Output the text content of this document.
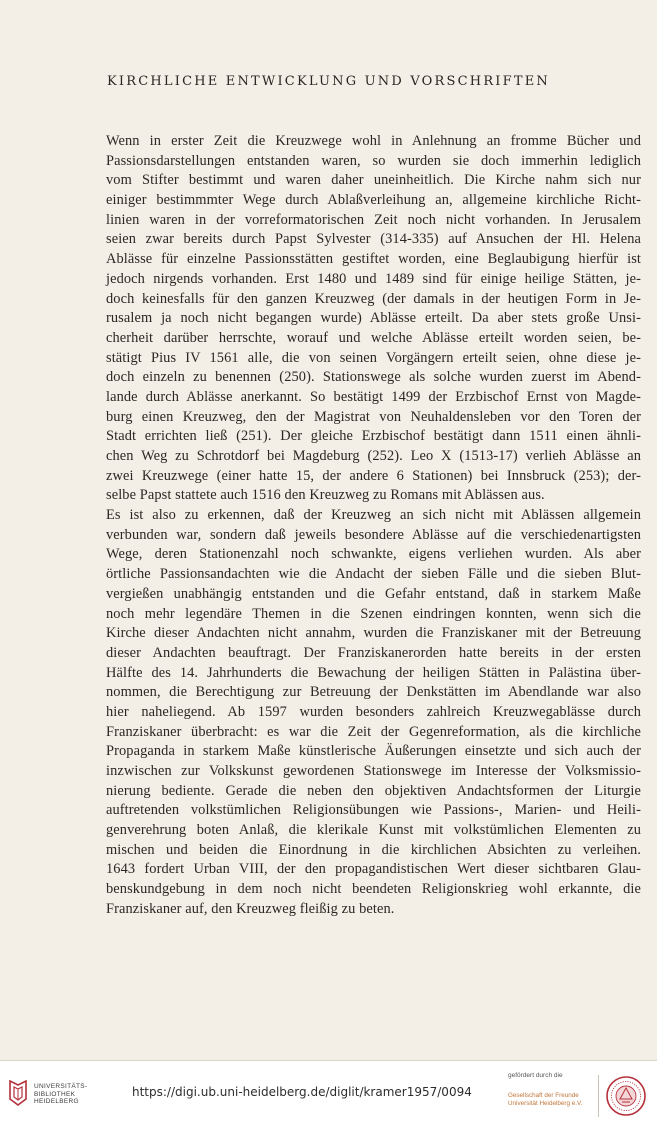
KIRCHLICHE ENTWICKLUNG UND VORSCHRIFTEN
Wenn in erster Zeit die Kreuzwege wohl in Anlehnung an fromme Bücher und
Passionsdarstellungen entstanden waren, so wurden sie doch immerhin lediglich
vom Stifter bestimmt und waren daher uneinheitlich. Die Kirche nahm sich nur
einiger bestimmmter Wege durch Ablaßverleihung an, allgemeine kirchliche Richt-
linien waren in der vorreformatorischen Zeit noch nicht vorhanden. In Jerusalem
seien zwar bereits durch Papst Sylvester (314-335) auf Ansuchen der Hl. Helena
Ablässe für einzelne Passionsstätten gestiftet worden, eine Beglaubigung hierfür ist
jedoch nirgends vorhanden. Erst 1480 und 1489 sind für einige heilige Stätten, je-
doch keinesfalls für den ganzen Kreuzweg (der damals in der heutigen Form in Je-
rusalem ja noch nicht begangen wurde) Ablässe erteilt. Da aber stets große Unsi-
cherheit darüber herrschte, worauf und welche Ablässe erteilt worden seien, be-
stätigt Pius IV 1561 alle, die von seinen Vorgängern erteilt seien, ohne diese je-
doch einzeln zu benennen (250). Stationswege als solche wurden zuerst im Abend-
lande durch Ablässe anerkannt. So bestätigt 1499 der Erzbischof Ernst von Magde-
burg einen Kreuzweg, den der Magistrat von Neuhaldensleben vor den Toren der
Stadt errichten ließ (251). Der gleiche Erzbischof bestätigt dann 1511 einen ähnli-
chen Weg zu Schrotdorf bei Magdeburg (252). Leo X (1513-17) verlieh Ablässe an
zwei Kreuzwege (einer hatte 15, der andere 6 Stationen) bei Innsbruck (253); der-
selbe Papst stattete auch 1516 den Kreuzweg zu Romans mit Ablässen aus.
Es ist also zu erkennen, daß der Kreuzweg an sich nicht mit Ablässen allgemein
verbunden war, sondern daß jeweils besondere Ablässe auf die verschiedenartigsten
Wege, deren Stationenzahl noch schwankte, eigens verliehen wurden. Als aber
örtliche Passionsandachten wie die Andacht der sieben Fälle und die sieben Blut-
vergießen unabhängig entstanden und die Gefahr entstand, daß in starkem Maße
noch mehr legendäre Themen in die Szenen eindringen konnten, wenn sich die
Kirche dieser Andachten nicht annahm, wurden die Franziskaner mit der Betreuung
dieser Andachten beauftragt. Der Franziskanerorden hatte bereits in der ersten
Hälfte des 14. Jahrhunderts die Bewachung der heiligen Stätten in Palästina über-
nommen, die Berechtigung zur Betreuung der Denkstätten im Abendlande war also
hier naheliegend. Ab 1597 wurden besonders zahlreich Kreuzwegablässe durch
Franziskaner überbracht: es war die Zeit der Gegenreformation, als die kirchliche
Propaganda in starkem Maße künstlerische Äußerungen einsetzte und sich auch der
inzwischen zur Volkskunst gewordenen Stationswege im Interesse der Volksmissio-
nierung bediente. Gerade die neben den objektiven Andachtsformen der Liturgie
auftretenden volkstümlichen Religionsübungen wie Passions-, Marien- und Heili-
genverehrung boten Anlaß, die klerikale Kunst mit volkstümlichen Elementen zu
mischen und beiden die Einordnung in die kirchlichen Absichten zu verleihen.
1643 fordert Urban VIII, der den propagandistischen Wert dieser sichtbaren Glau-
benskundgebung in dem noch nicht beendeten Religionskrieg wohl erkannte, die
Franziskaner auf, den Kreuzweg fleißig zu beten.
UNIVERSITÄTS-
BIBLIOTHEK
HEIDELBERG
https://digi.ub.uni-heidelberg.de/diglit/kramer1957/0094
gefördert durch die
Gesellschaft der Freunde
Universität Heidelberg e.V.
